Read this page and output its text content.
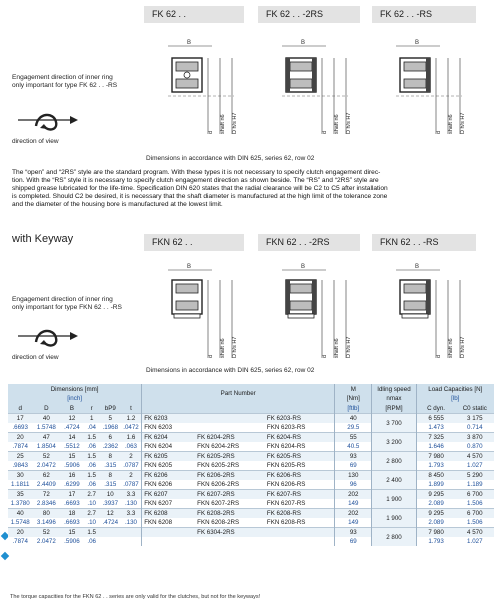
FK 62 . .	FK 62 . . -2RS	FK 62 . . -RS
Engagement direction of inner ring
only important for type FK 62 . . -RS
direction of view
B
d shaft n6 D h/s H7
B
d shaft n6 D h/s H7
B
d shaft n6 D h/s H7
Dimensions in accordance with DIN 625, series 62, row 02
The “open” and “2RS” style are the standard program. With these types it is not necessary to specify clutch engagement direc-
tion. With the “RS” style it is necessary to specify clutch engagement direction as shown beside. The “RS” and “2RS” style are
shipped grease lubricated for the life-time. Specification DIN 620 states that the radial clearance will be C2 to C5 after installation
is completed. Should C2 be desired, it is necessary that the shaft diameter is manufactured at the high limit of the tolerance zone
and the diameter of the housing bore is manufactured at the lowest limit.
with Keyway	FKN 62 . .	FKN 62 . . -2RS	FKN 62 . . -RS
Engagement direction of inner ring
only important for type FKN 62 . . -RS
direction of view
B
d shaft n6 D h/s H7
B
d shaft n6 D h/s H7
B
d shaft n6 D h/s H7
Dimensions in accordance with DIN 625, series 62, row 02
Dimensions [mm]						Part Number			M	Idling speed	Load Capacities [N]	
[inch]									[Nm]	nmax	[lb]	
d	D	B	r	bP9	t				[ftlb]	[RPM]	C dyn.	C0 static
17	40	12	1	5	1.2	FK 6203		FK 6203-RS	40	3 700	6 555	3 175
.6693	1.5748	.4724	.04	.1968	.0472	FKN 6203		FKN 6203-RS	29.5		1.473	0.714
20	47	14	1.5	6	1.6	FK 6204	FK 6204-2RS	FK 6204-RS	55	3 200	7 325	3 870
.7874	1.8504	.5512	.06	.2362	.063	FKN 6204	FKN 6204-2RS	FKN 6204-RS	40.5		1.646	0.870
25	52	15	1.5	8	2	FK 6205	FK 6205-2RS	FK 6205-RS	93	2 800	7 980	4 570
.9843	2.0472	.5906	.06	.315	.0787	FKN 6205	FKN 6205-2RS	FKN 6205-RS	69		1.793	1.027
30	62	16	1.5	8	2	FK 6206	FK 6206-2RS	FK 6206-RS	130	2 400	8 450	5 290
1.1811	2.4409	.6299	.06	.315	.0787	FKN 6206	FKN 6206-2RS	FKN 6206-RS	96		1.899	1.189
35	72	17	2.7	10	3.3	FK 6207	FK 6207-2RS	FK 6207-RS	202	1 900	9 295	6 700
1.3780	2.8346	.6693	.10	.3937	.130	FKN 6207	FKN 6207-2RS	FKN 6207-RS	149		2.089	1.506
40	80	18	2.7	12	3.3	FK 6208	FK 6208-2RS	FK 6208-RS	202	1 900	9 295	6 700
1.5748	3.1496	.6693	.10	.4724	.130	FKN 6208	FKN 6208-2RS	FKN 6208-RS	149		2.089	1.506
20	52	15	1.5				FK 6304-2RS		93	2 800	7 980	4 570
.7874	2.0472	.5906	.06						69		1.793	1.027
The torque capacities for the FKN 62 . . series are only valid for the clutches, but not for the keyways!
